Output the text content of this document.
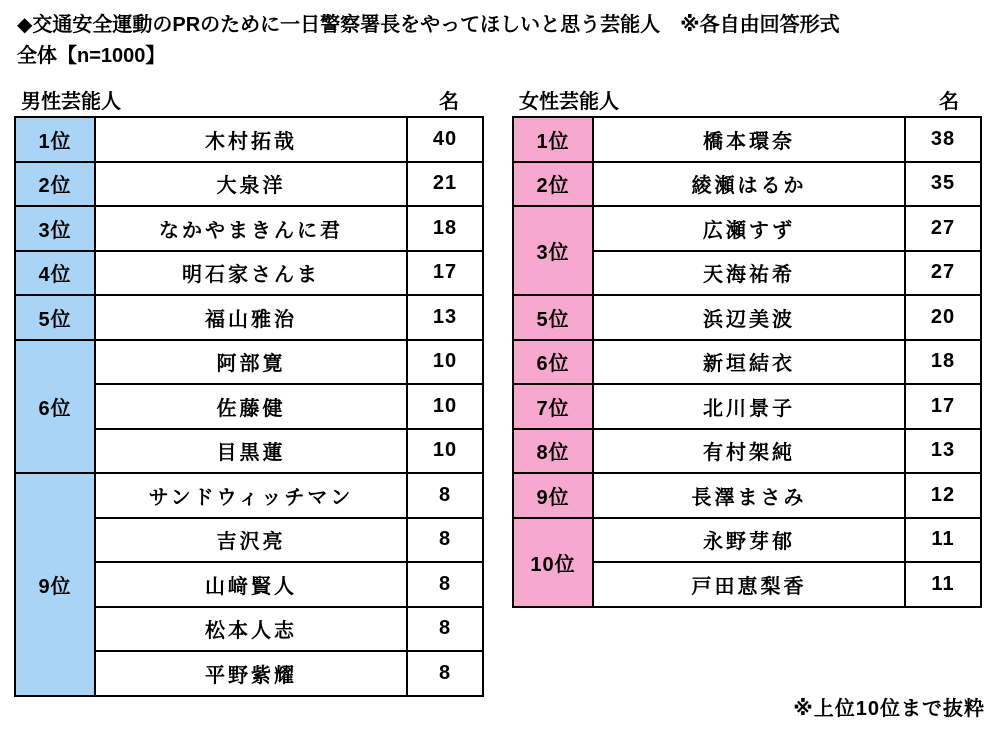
◆交通安全運動のPRのために一日警察署長をやってほしいと思う芸能人　※各自由回答形式
全体【n=1000】
男性芸能人	名	女性芸能人	名
1位	木村拓哉	40
2位	大泉洋	21
3位	なかやまきんに君	18
4位	明石家さんま	17
5位	福山雅治	13
6位	阿部寛	10
	佐藤健	10
	目黒蓮	10
9位	サンドウィッチマン	8
	吉沢亮	8
	山﨑賢人	8
	松本人志	8
	平野紫耀	8
1位	橋本環奈	38
2位	綾瀬はるか	35
3位	広瀬すず	27
	天海祐希	27
5位	浜辺美波	20
6位	新垣結衣	18
7位	北川景子	17
8位	有村架純	13
9位	長澤まさみ	12
10位	永野芽郁	11
	戸田恵梨香	11
※上位10位まで抜粋
